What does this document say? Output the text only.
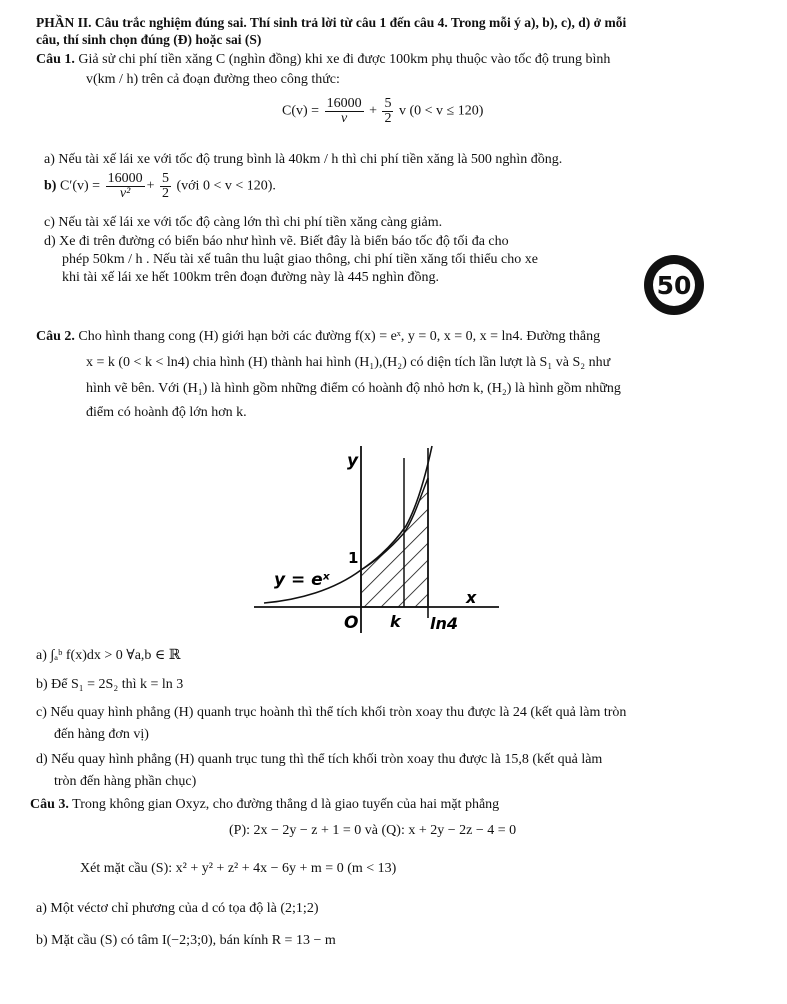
PHẦN II. Câu trắc nghiệm đúng sai. Thí sinh trả lời từ câu 1 đến câu 4. Trong mỗi ý a), b), c), d) ở mỗi
câu, thí sinh chọn đúng (Đ) hoặc sai (S)
Câu 1. Giả sử chi phí tiền xăng C (nghìn đồng) khi xe đi được 100km phụ thuộc vào tốc độ trung bình
v(km / h) trên cả đoạn đường theo công thức:
$C(v) = \frac{16000}{v} + \frac{5}{2}$ v (0 < v ≤ 120)
a) Nếu tài xế lái xe với tốc độ trung bình là 40km / h thì chi phí tiền xăng là 500 nghìn đồng.
b) $C'(v) = \frac{16000}{\text{v²}} + \frac{5}{2}$ (với 0 < v < 120).
c) Nếu tài xế lái xe với tốc độ càng lớn thì chi phí tiền xăng càng giảm.
d) Xe đi trên đường có biển báo như hình vẽ. Biết đây là biển báo tốc độ tối đa cho
phép 50km / h . Nếu tài xế tuân thu luật giao thông, chi phí tiền xăng tối thiểu cho xe
khi tài xế lái xe hết 100km trên đoạn đường này là 445 nghìn đồng.	50
Câu 2. Cho hình thang cong (H) giới hạn bởi các đường f(x) = eˣ, y = 0, x = 0, x = ln4. Đường thẳng
x = k (0 < k < ln4) chia hình (H) thành hai hình (H₁),(H₂) có diện tích lần lượt là S₁ và S₂ như
hình vẽ bên. Với (H₁) là hình gồm những điểm có hoành độ nhỏ hơn k, (H₂) là hình gồm những
điểm có hoành độ lớn hơn k.
y
x
O
1
k ln4
y = eˣ
a) ∫ₐᵇ f(x)dx > 0 ∀a,b ∈ ℝ
b) Để S₁ = 2S₂ thì k = ln 3
c) Nếu quay hình phẳng (H) quanh trục hoành thì thể tích khối tròn xoay thu được là 24 (kết quả làm tròn
đến hàng đơn vị)
d) Nếu quay hình phẳng (H) quanh trục tung thì thể tích khối tròn xoay thu được là 15,8 (kết quả làm
tròn đến hàng phần chục)
Câu 3. Trong không gian Oxyz, cho đường thẳng d là giao tuyến của hai mặt phẳng
(P): 2x − 2y − z + 1 = 0 và (Q): x + 2y − 2z − 4 = 0
Xét mặt cầu (S): x² + y² + z² + 4x − 6y + m = 0 (m < 13)
a) Một véctơ chỉ phương của d có tọa độ là (2;1;2)
b) Mặt cầu (S) có tâm I(−2;3;0), bán kính R = 13 − m
